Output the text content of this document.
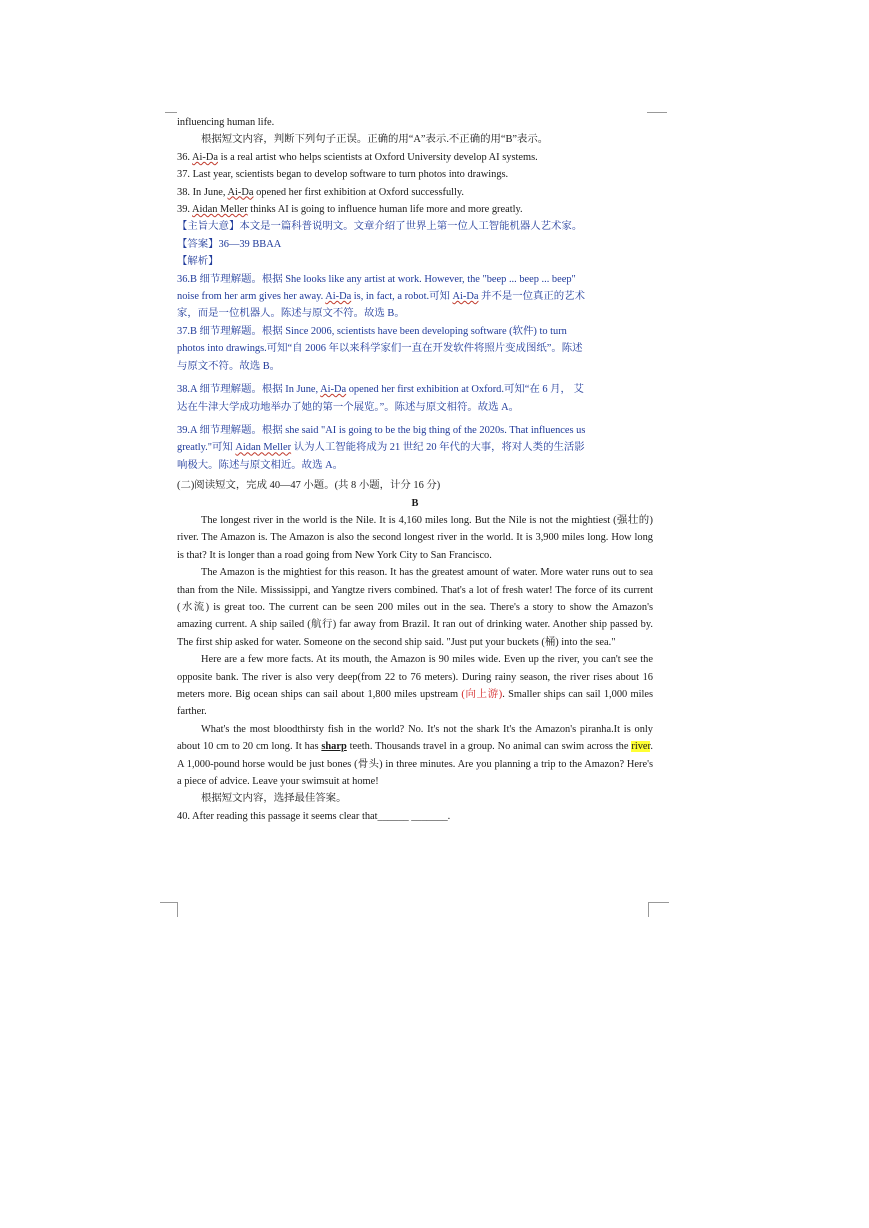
influencing human life.
根据短文内容，判断下列句子正误。正确的用“A”表示.不正确的用“B”表示。
36. Ai-Da is a real artist who helps scientists at Oxford University develop AI systems.
37. Last year, scientists began to develop software to turn photos into drawings.
38. In June, Ai-Da opened her first exhibition at Oxford successfully.
39. Aidan Meller thinks AI is going to influence human life more and more greatly.
【主旨大意】本文是一篇科普说明文。文章介绍了世界上第一位人工智能机器人艺术家。
【答案】36—39 BBAA
【解析】
36.B 细节理解题。根据 She looks like any artist at work. However, the "beep ... beep ... beep"
noise from her arm gives her away. Ai-Da is, in fact, a robot.可知 Ai-Da 并不是一位真正的艺术
家，而是一位机器人。陈述与原文不符。故选 B。
37.B 细节理解题。根据 Since 2006, scientists have been developing software (软件) to turn
photos into drawings.可知“自 2006 年以来科学家们一直在开发软件将照片变成图纸”。陈述
与原文不符。故选 B。
38.A 细节理解题。根据 In June, Ai-Da opened her first exhibition at Oxford.可知“在 6 月， 艾
达在牛津大学成功地举办了她的第一个展览。”。陈述与原文相符。故选 A。
39.A 细节理解题。根据 she said "AI is going to be the big thing of the 2020s. That influences us
greatly."可知 Aidan Meller 认为人工智能将成为 21 世纪 20 年代的大事，将对人类的生活影
响极大。陈述与原文相近。故选 A。
(二)阅读短文，完成 40—47 小题。(共 8 小题，计分 16 分)
B
The longest river in the world is the Nile. It is 4,160 miles long. But the Nile is not the mightiest (强壮的) river. The Amazon is. The Amazon is also the second longest river in the world. It is 3,900 miles long. How long is that? It is longer than a road going from New York City to San Francisco.
The Amazon is the mightiest for this reason. It has the greatest amount of water. More water runs out to sea than from the Nile. Mississippi, and Yangtze rivers combined. That's a lot of fresh water! The force of its current (水流) is great too. The current can be seen 200 miles out in the sea. There's a story to show the Amazon's amazing current. A ship sailed (航行) far away from Brazil. It ran out of drinking water. Another ship passed by. The first ship asked for water. Someone on the second ship said. "Just put your buckets (桶) into the sea."
Here are a few more facts. At its mouth, the Amazon is 90 miles wide. Even up the river, you can't see the opposite bank. The river is also very deep(from 22 to 76 meters). During rainy season, the river rises about 16 meters more. Big ocean ships can sail about 1,800 miles upstream (向上游). Smaller ships can sail 1,000 miles farther.
What's the most bloodthirsty fish in the world? No. It's not the shark It's the Amazon's piranha.It is only about 10 cm to 20 cm long. It has sharp teeth. Thousands travel in a group. No animal can swim across the river. A 1,000-pound horse would be just bones (骨头) in three minutes. Are you planning a trip to the Amazon? Here's a piece of advice. Leave your swimsuit at home!
根据短文内容，选择最佳答案。
40. After reading this passage it seems clear that______ _______.
